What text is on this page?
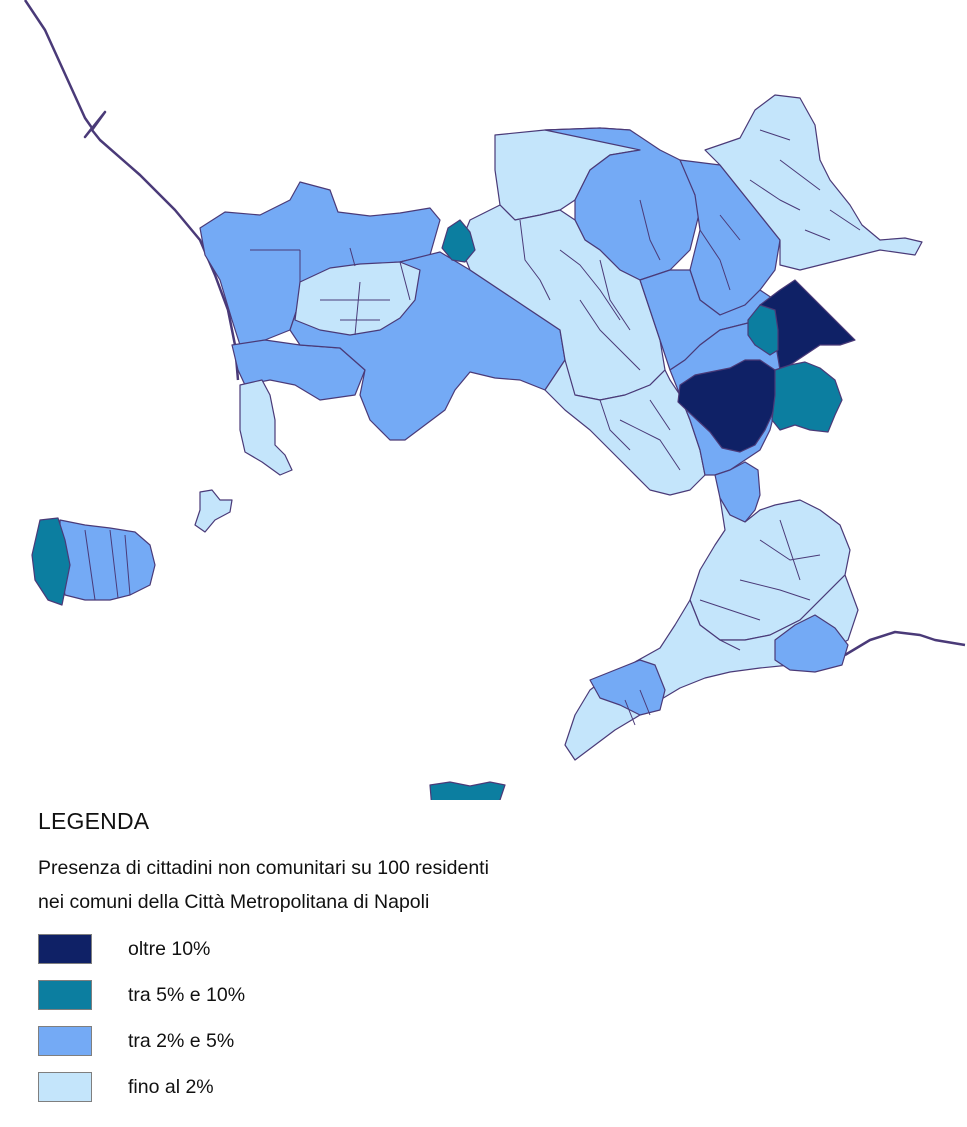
LEGENDA
Presenza di cittadini non comunitari su 100 residenti
nei comuni della Città Metropolitana di Napoli
oltre 10%
tra 5% e 10%
tra 2% e 5%
fino al 2%
